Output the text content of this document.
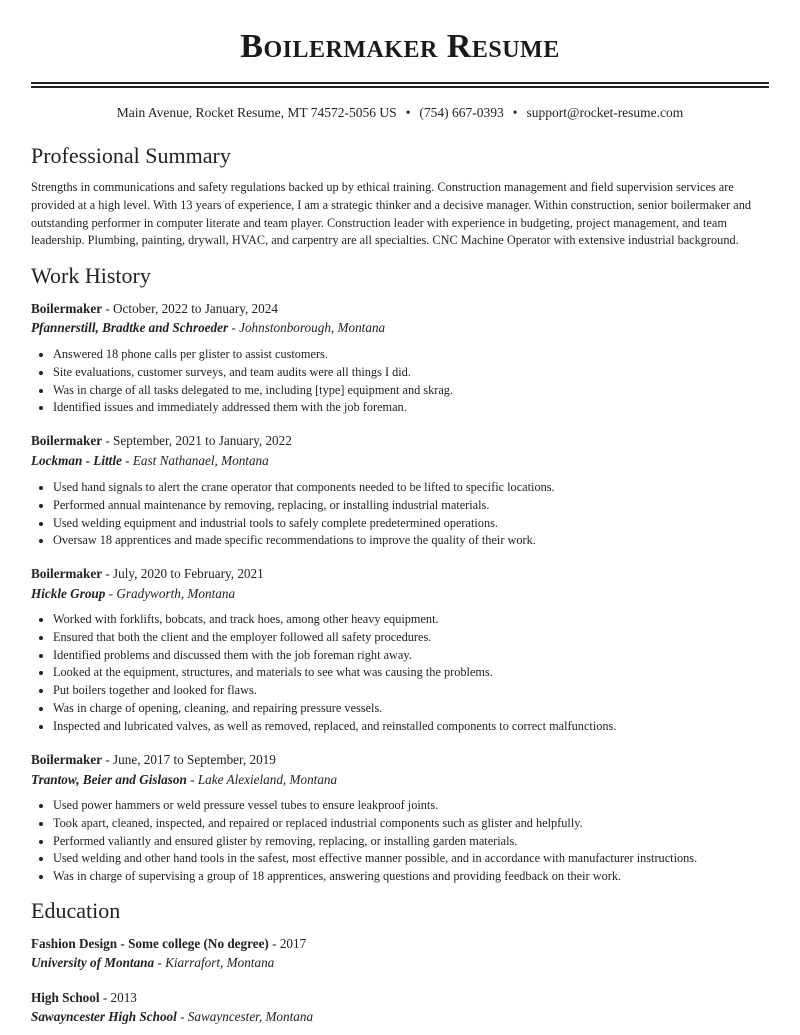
Boilermaker Resume
Main Avenue, Rocket Resume, MT 74572-5056 US • (754) 667-0393 • support@rocket-resume.com
Professional Summary

Strengths in communications and safety regulations backed up by ethical training. Construction management and field supervision services are provided at a high level. With 13 years of experience, I am a strategic thinker and a decisive manager. Within construction, senior boilermaker and outstanding performer in computer literate and team player. Construction leader with experience in budgeting, project management, and team leadership. Plumbing, painting, drywall, HVAC, and carpentry are all specialties. CNC Machine Operator with extensive industrial background.

Work History
Boilermaker - October, 2022 to January, 2024
Pfannerstill, Bradtke and Schroeder - Johnstonborough, Montana
• Answered 18 phone calls per glister to assist customers.
• Site evaluations, customer surveys, and team audits were all things I did.
• Was in charge of all tasks delegated to me, including [type] equipment and skrag.
• Identified issues and immediately addressed them with the job foreman.
Boilermaker - September, 2021 to January, 2022
Lockman - Little - East Nathanael, Montana
• Used hand signals to alert the crane operator that components needed to be lifted to specific locations.
• Performed annual maintenance by removing, replacing, or installing industrial materials.
• Used welding equipment and industrial tools to safely complete predetermined operations.
• Oversaw 18 apprentices and made specific recommendations to improve the quality of their work.
Boilermaker - July, 2020 to February, 2021
Hickle Group - Gradyworth, Montana
• Worked with forklifts, bobcats, and track hoes, among other heavy equipment.
• Ensured that both the client and the employer followed all safety procedures.
• Identified problems and discussed them with the job foreman right away.
• Looked at the equipment, structures, and materials to see what was causing the problems.
• Put boilers together and looked for flaws.
• Was in charge of opening, cleaning, and repairing pressure vessels.
• Inspected and lubricated valves, as well as removed, replaced, and reinstalled components to correct malfunctions.
Boilermaker - June, 2017 to September, 2019
Trantow, Beier and Gislason - Lake Alexieland, Montana
• Used power hammers or weld pressure vessel tubes to ensure leakproof joints.
• Took apart, cleaned, inspected, and repaired or replaced industrial components such as glister and helpfully.
• Performed valiantly and ensured glister by removing, replacing, or installing garden materials.
• Used welding and other hand tools in the safest, most effective manner possible, and in accordance with manufacturer instructions.
• Was in charge of supervising a group of 18 apprentices, answering questions and providing feedback on their work.
Education
Fashion Design - Some college (No degree) - 2017
University of Montana - Kiarrafort, Montana
High School - 2013
Sawayncester High School - Sawayncester, Montana
